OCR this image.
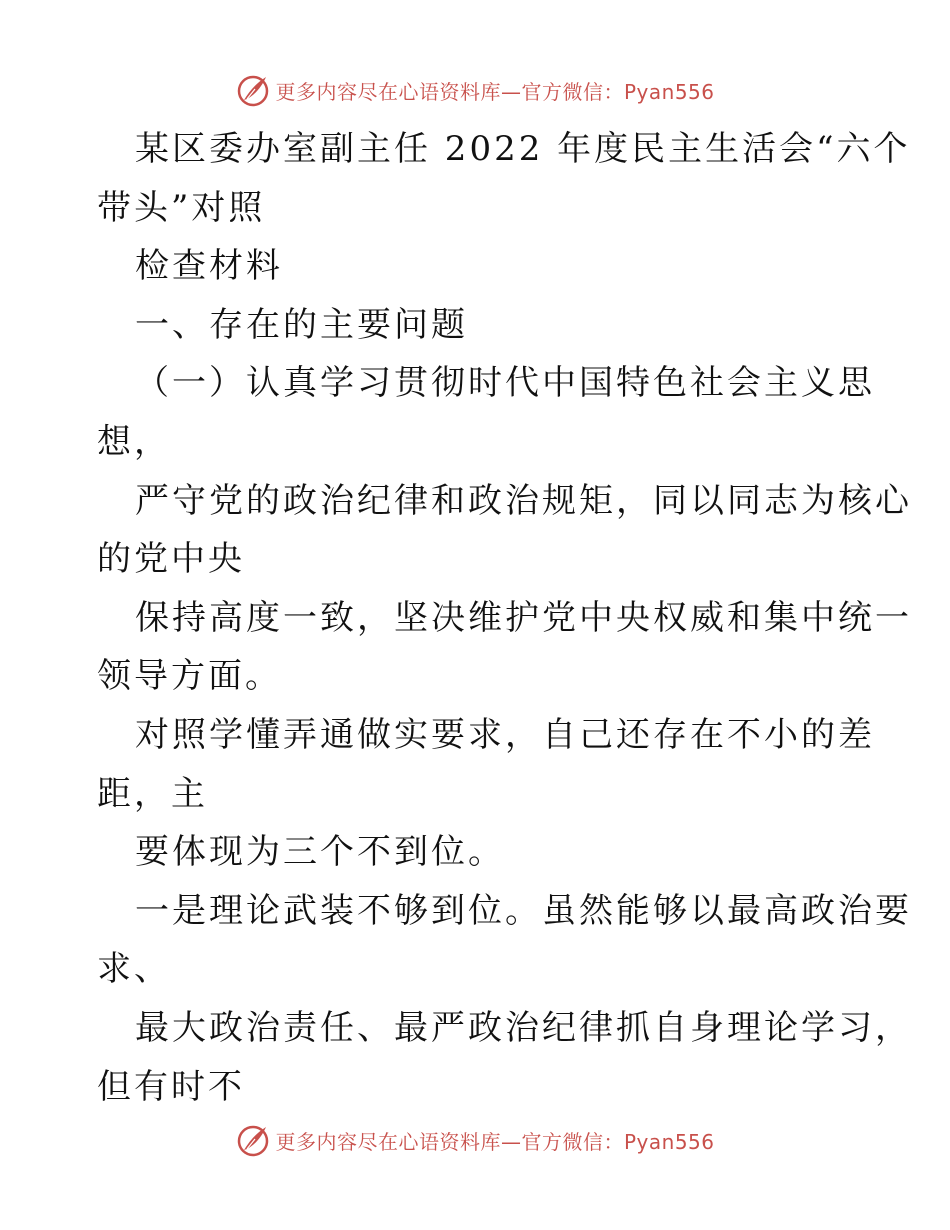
更多内容尽在心语资料库—官方微信：Pyan556
某区委办室副主任 2022 年度民主生活会“六个
带头”对照
检查材料
一、存在的主要问题
（一）认真学习贯彻时代中国特色社会主义思
想，
严守党的政治纪律和政治规矩，同以同志为核心
的党中央
保持高度一致，坚决维护党中央权威和集中统一
领导方面。
对照学懂弄通做实要求，自己还存在不小的差
距，主
要体现为三个不到位。
一是理论武装不够到位。虽然能够以最高政治要
求、
最大政治责任、最严政治纪律抓自身理论学习，
但有时不
更多内容尽在心语资料库—官方微信：Pyan556
